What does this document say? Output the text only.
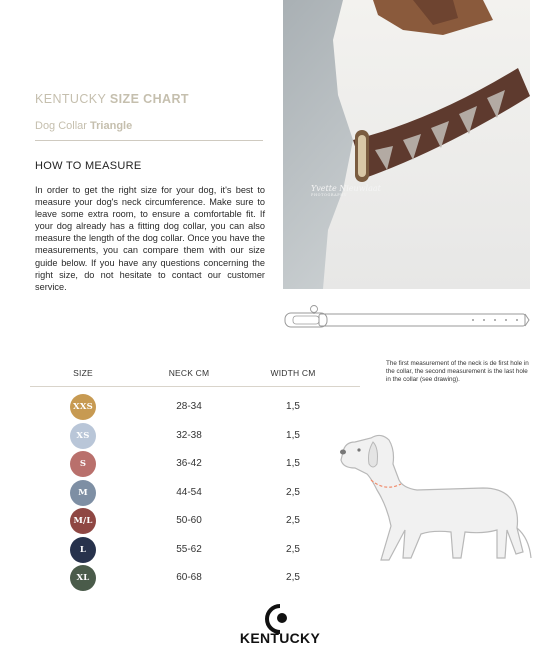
KENTUCKY SIZE CHART
Dog Collar Triangle
HOW TO MEASURE

In order to get the right size for your dog, it's best to measure your dog's neck circumference. Make sure to leave some extra room, to ensure a comfortable fit. If your dog already has a fitting dog collar, you can also measure the length of the dog collar. Once you have the measurements, you can compare them with our size guide below. If you have any questions concerning the right size, do not hesitate to contact our customer service.

Yvette Nieuwlaat
PHOTOGRAPHY

The first measurement of the neck is de first hole in the collar, the second measurement is the last hole in the collar (see drawing).

SIZE	NECK CM	WIDTH CM
XXS	28-34	1,5
XS	32-38	1,5
S	36-42	1,5
M	44-54	2,5
M/L	50-60	2,5
L	55-62	2,5
XL	60-68	2,5
KENTUCKY
